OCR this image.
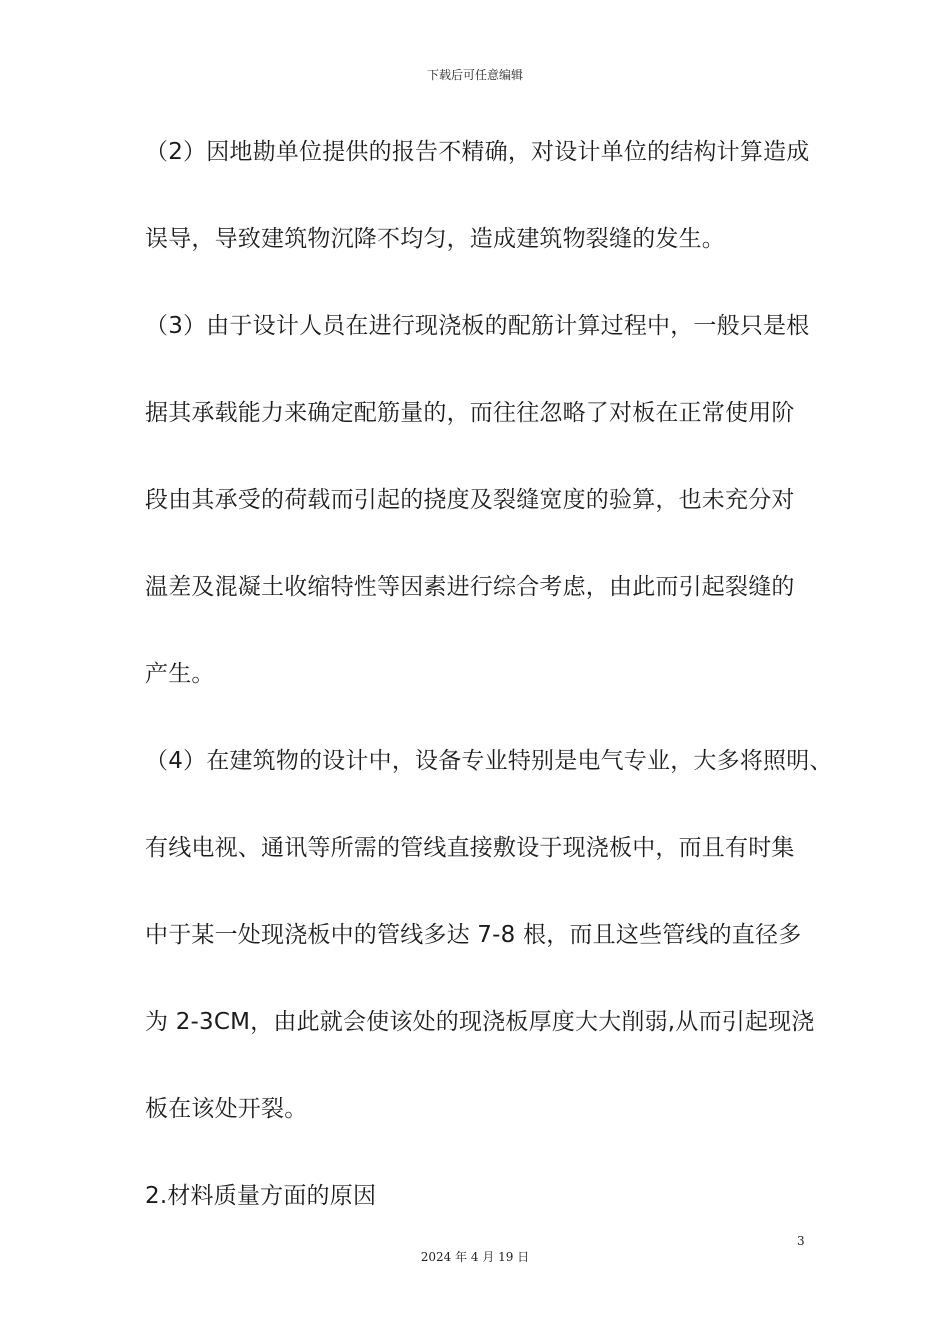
下载后可任意编辑
（2）因地勘单位提供的报告不精确，对设计单位的结构计算造成
误导，导致建筑物沉降不均匀，造成建筑物裂缝的发生。
（3）由于设计人员在进行现浇板的配筋计算过程中，一般只是根
据其承载能力来确定配筋量的，而往往忽略了对板在正常使用阶
段由其承受的荷载而引起的挠度及裂缝宽度的验算，也未充分对
温差及混凝土收缩特性等因素进行综合考虑，由此而引起裂缝的
产生。
（4）在建筑物的设计中，设备专业特别是电气专业，大多将照明、
有线电视、通讯等所需的管线直接敷设于现浇板中，而且有时集
中于某一处现浇板中的管线多达 7-8 根，而且这些管线的直径多
为 2-3CM，由此就会使该处的现浇板厚度大大削弱,从而引起现浇
板在该处开裂。
2.材料质量方面的原因
3
2024 年 4 月 19 日
